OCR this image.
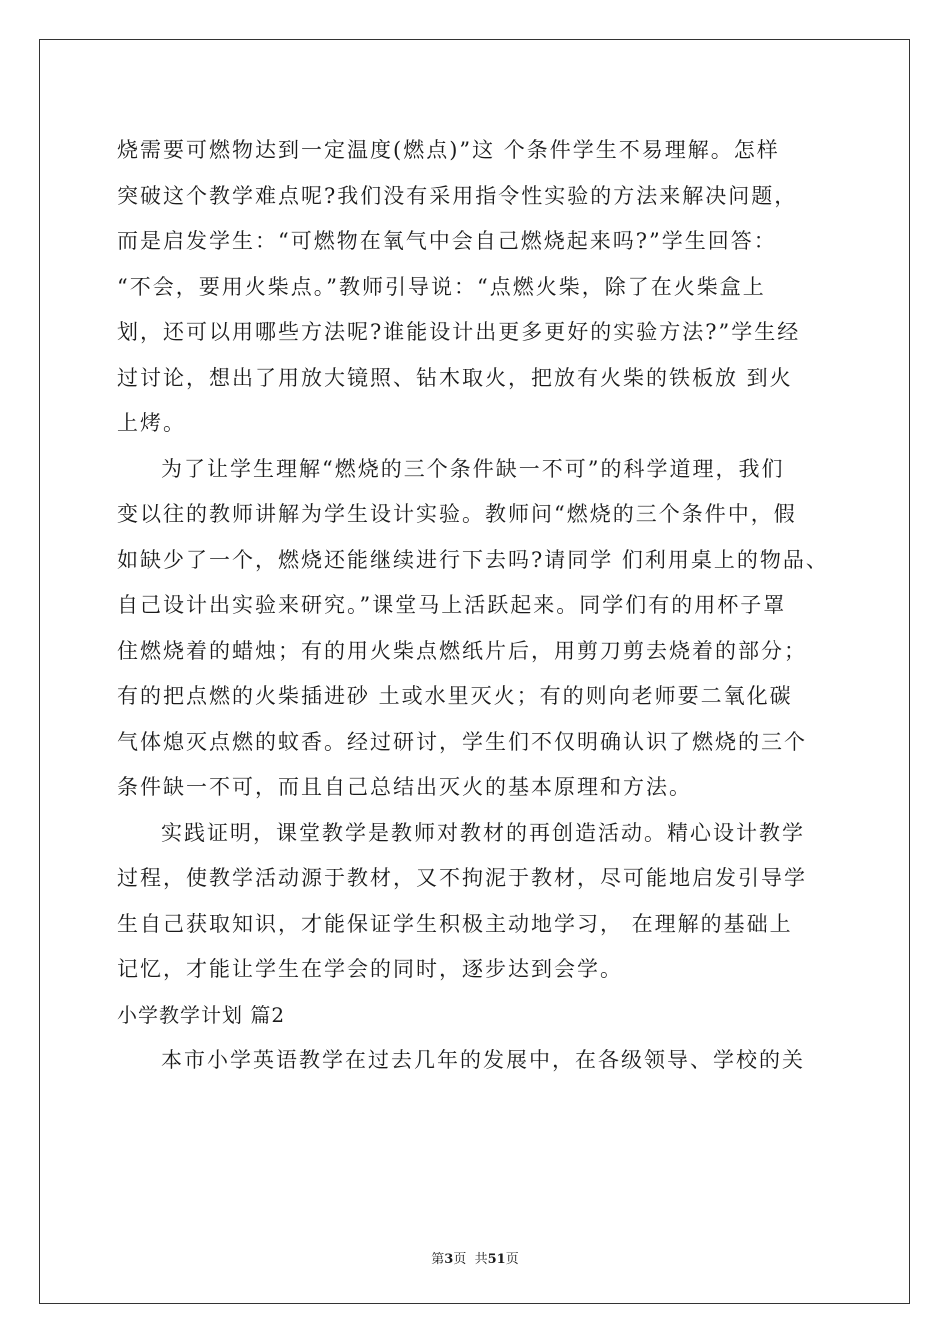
烧需要可燃物达到一定温度(燃点)”这 个条件学生不易理解。怎样
突破这个教学难点呢?我们没有采用指令性实验的方法来解决问题，
而是启发学生：“可燃物在氧气中会自己燃烧起来吗?”学生回答：
“不会，要用火柴点。”教师引导说：“点燃火柴，除了在火柴盒上
划，还可以用哪些方法呢?谁能设计出更多更好的实验方法?”学生经
过讨论，想出了用放大镜照、钻木取火，把放有火柴的铁板放 到火
上烤。
为了让学生理解“燃烧的三个条件缺一不可”的科学道理，我们
变以往的教师讲解为学生设计实验。教师问“燃烧的三个条件中，假
如缺少了一个，燃烧还能继续进行下去吗?请同学 们利用桌上的物品、
自己设计出实验来研究。”课堂马上活跃起来。同学们有的用杯子罩
住燃烧着的蜡烛；有的用火柴点燃纸片后，用剪刀剪去烧着的部分；
有的把点燃的火柴插进砂 土或水里灭火；有的则向老师要二氧化碳
气体熄灭点燃的蚊香。经过研讨，学生们不仅明确认识了燃烧的三个
条件缺一不可，而且自己总结出灭火的基本原理和方法。
实践证明，课堂教学是教师对教材的再创造活动。精心设计教学
过程，使教学活动源于教材，又不拘泥于教材，尽可能地启发引导学
生自己获取知识，才能保证学生积极主动地学习， 在理解的基础上
记忆，才能让学生在学会的同时，逐步达到会学。
小学教学计划 篇2
本市小学英语教学在过去几年的发展中，在各级领导、学校的关
第3页  共51页
